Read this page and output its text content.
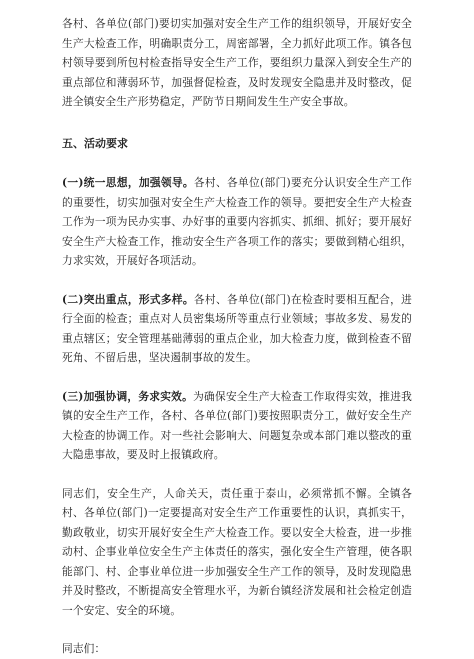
各村、各单位(部门)要切实加强对安全生产工作的组织领导，开展好安全生产大检查工作，明确职责分工，周密部署，全力抓好此项工作。镇各包村领导要到所包村检查指导安全生产工作，要组织力量深入到安全生产的重点部位和薄弱环节，加强督促检查，及时发现安全隐患并及时整改，促进全镇安全生产形势稳定，严防节日期间发生生产安全事故。

五、活动要求

(一)统一思想，加强领导。各村、各单位(部门)要充分认识安全生产工作的重要性，切实加强对安全生产大检查工作的领导。要把安全生产大检查工作为一项为民办实事、办好事的重要内容抓实、抓细、抓好；要开展好安全生产大检查工作，推动安全生产各项工作的落实；要做到精心组织，力求实效，开展好各项活动。

(二)突出重点，形式多样。各村、各单位(部门)在检查时要相互配合，进行全面的检查；重点对人员密集场所等重点行业领域；事故多发、易发的重点辖区；安全管理基础薄弱的重点企业，加大检查力度，做到检查不留死角、不留后患，坚决遏制事故的发生。

(三)加强协调，务求实效。为确保安全生产大检查工作取得实效，推进我镇的安全生产工作，各村、各单位(部门)要按照职责分工，做好安全生产大检查的协调工作。对一些社会影响大、问题复杂或本部门难以整改的重大隐患事故，要及时上报镇政府。

同志们，安全生产，人命关天，责任重于泰山，必须常抓不懈。全镇各村、各单位(部门)一定要提高对安全生产工作重要性的认识，真抓实干，勤政敬业，切实开展好安全生产大检查工作。要以安全大检查，进一步推动村、企事业单位安全生产主体责任的落实，强化安全生产管理，使各职能部门、村、企事业单位进一步加强安全生产工作的领导，及时发现隐患并及时整改，不断提高安全管理水平，为新台镇经济发展和社会检定创造一个安定、安全的环境。

同志们：
